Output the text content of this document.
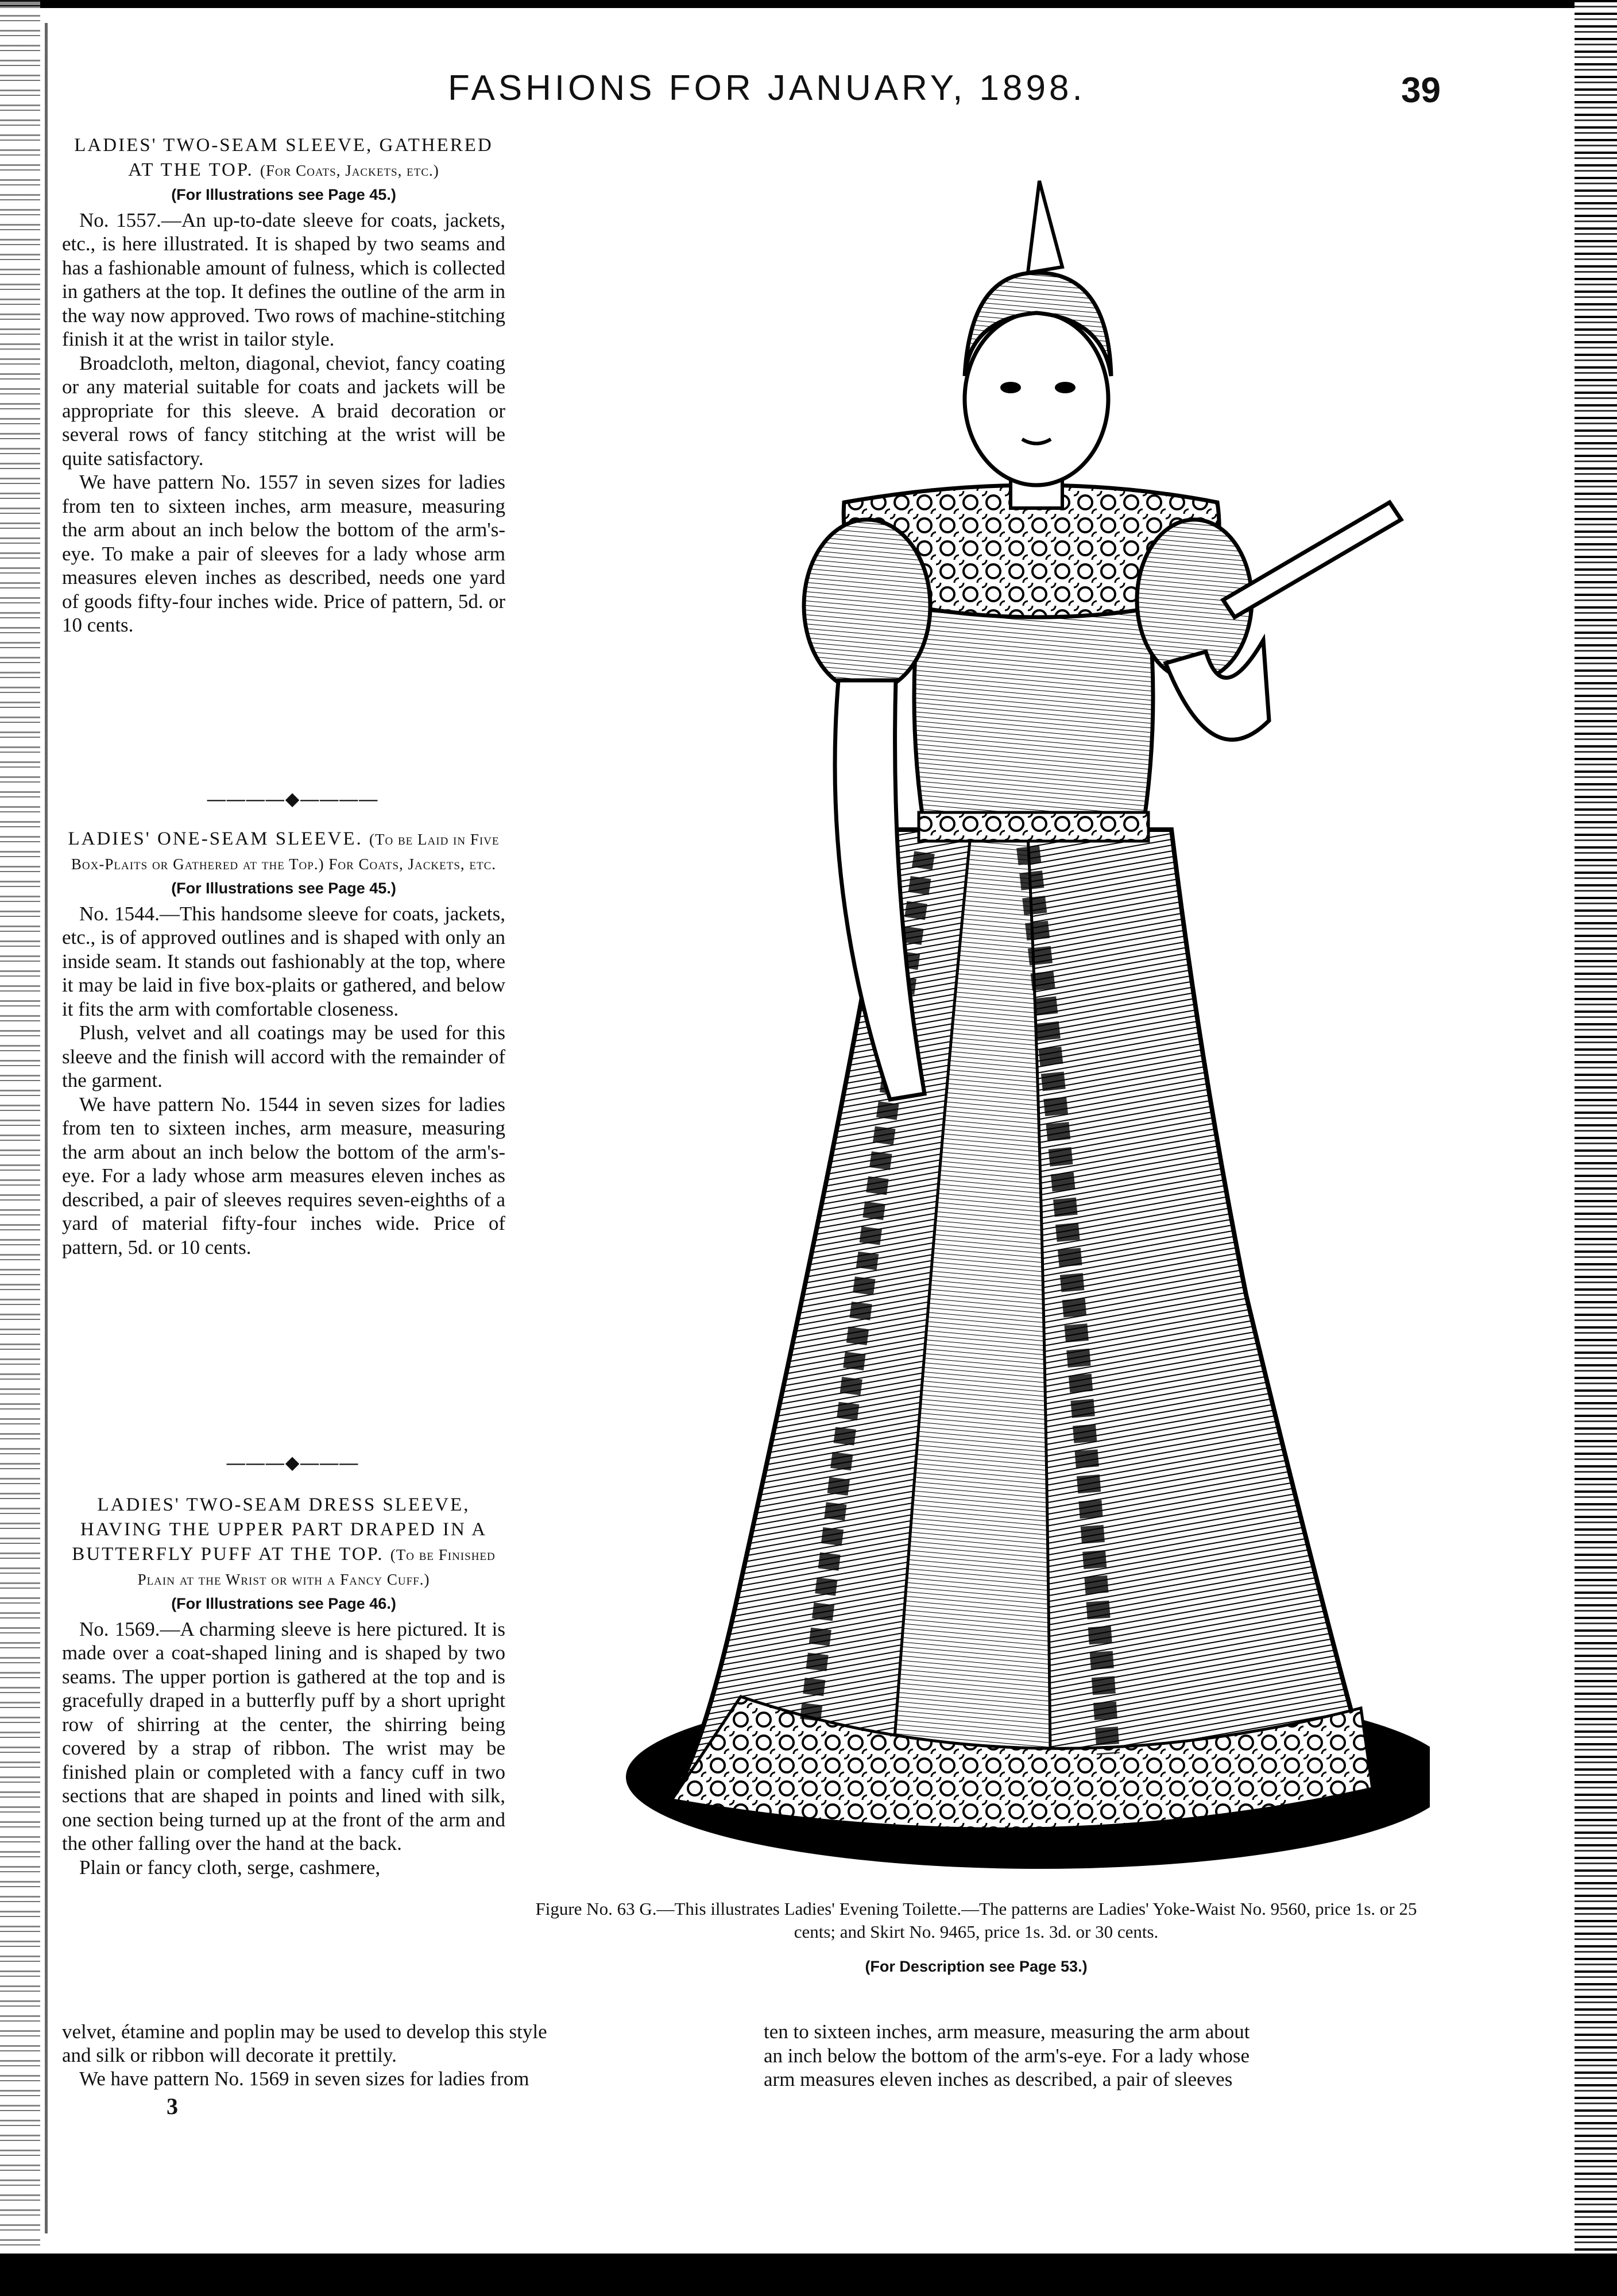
FASHIONS FOR JANUARY, 1898.	39
LADIES' TWO-SEAM SLEEVE, GATHERED AT THE TOP. (For Coats, Jackets, etc.)
(For Illustrations see Page 45.)

No. 1557.—An up-to-date sleeve for coats, jackets, etc., is here illustrated. It is shaped by two seams and has a fashionable amount of fulness, which is collected in gathers at the top. It defines the outline of the arm in the way now approved. Two rows of machine-stitching finish it at the wrist in tailor style.

Broadcloth, melton, diagonal, cheviot, fancy coating or any material suitable for coats and jackets will be appropriate for this sleeve. A braid decoration or several rows of fancy stitching at the wrist will be quite satisfactory.

We have pattern No. 1557 in seven sizes for ladies from ten to sixteen inches, arm measure, measuring the arm about an inch below the bottom of the arm's-eye. To make a pair of sleeves for a lady whose arm measures eleven inches as described, needs one yard of goods fifty-four inches wide. Price of pattern, 5d. or 10 cents.

————◆————
LADIES' ONE-SEAM SLEEVE. (To be Laid in Five Box-Plaits or Gathered at the Top.) For Coats, Jackets, etc.
(For Illustrations see Page 45.)

No. 1544.—This handsome sleeve for coats, jackets, etc., is of approved outlines and is shaped with only an inside seam. It stands out fashionably at the top, where it may be laid in five box-plaits or gathered, and below it fits the arm with comfortable closeness.

Plush, velvet and all coatings may be used for this sleeve and the finish will accord with the remainder of the garment.

We have pattern No. 1544 in seven sizes for ladies from ten to sixteen inches, arm measure, measuring the arm about an inch below the bottom of the arm's-eye. For a lady whose arm measures eleven inches as described, a pair of sleeves requires seven-eighths of a yard of material fifty-four inches wide. Price of pattern, 5d. or 10 cents.

———◆———
LADIES' TWO-SEAM DRESS SLEEVE, HAVING THE UPPER PART DRAPED IN A BUTTERFLY PUFF AT THE TOP. (To be Finished Plain at the Wrist or with a Fancy Cuff.)
(For Illustrations see Page 46.)

No. 1569.—A charming sleeve is here pictured. It is made over a coat-shaped lining and is shaped by two seams. The upper portion is gathered at the top and is gracefully draped in a butterfly puff by a short upright row of shirring at the center, the shirring being covered by a strap of ribbon. The wrist may be finished plain or completed with a fancy cuff in two sections that are shaped in points and lined with silk, one section being turned up at the front of the arm and the other falling over the hand at the back.

Plain or fancy cloth, serge, cashmere,

velvet, étamine and poplin may be used to develop this style
and silk or ribbon will decorate it prettily.
We have pattern No. 1569 in seven sizes for ladies from
3

ten to sixteen inches, arm measure, measuring the arm about

an inch below the bottom of the arm's-eye. For a lady whose

arm measures eleven inches as described, a pair of sleeves

Figure No. 63 G.—This illustrates Ladies' Evening Toilette.—The patterns are Ladies' Yoke-Waist No. 9560, price 1s. or 25 cents; and Skirt No. 9465, price 1s. 3d. or 30 cents.
(For Description see Page 53.)
